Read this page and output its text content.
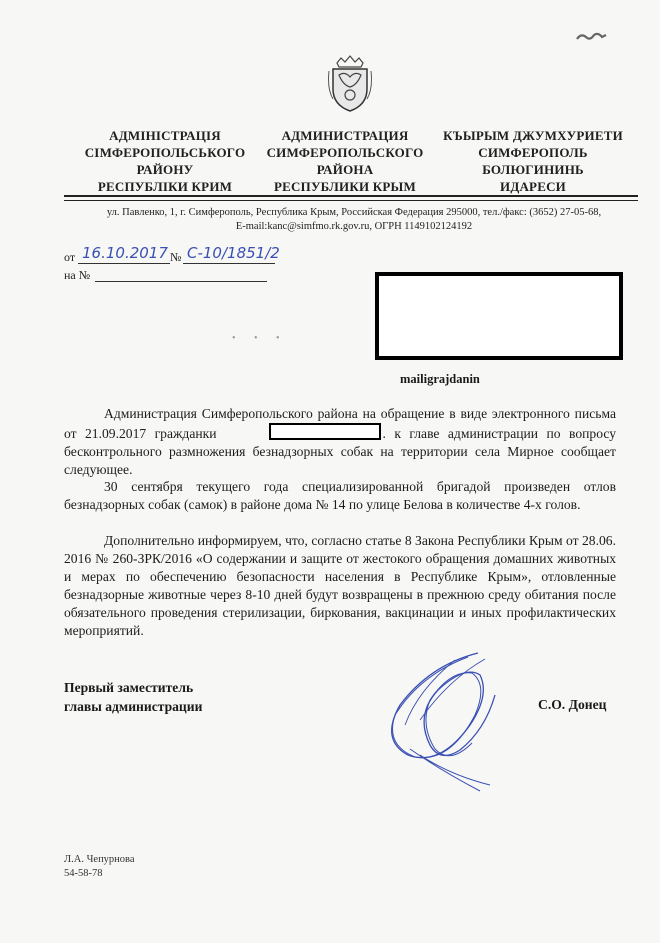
АДМІНІСТРАЦІЯ
СІМФЕРОПОЛЬСЬКОГО
РАЙОНУ
РЕСПУБЛІКИ КРИМ
АДМИНИСТРАЦИЯ
СИМФЕРОПОЛЬСКОГО
РАЙОНА
РЕСПУБЛИКИ КРЫМ
КЪЫРЫМ ДЖУМХУРИЕТИ
СИМФЕРОПОЛЬ
БОЛЮГИНИНЬ
ИДАРЕСИ
ул. Павленко, 1, г. Симферополь, Республика Крым, Российская Федерация 295000, тел./факс: (3652) 27-05-68,
E-mail:kanc@simfmo.rk.gov.ru, ОГРН 1149102124192
от 16.10.2017 № С-10/1851/2
на №
• • •
mailigrajdanin
Администрация Симферопольского района на обращение в виде электронного письма от 21.09.2017 гражданки	. к главе администрации по вопросу бесконтрольного размножения безнадзорных собак на территории села Мирное сообщает следующее.
30 сентября текущего года специализированной бригадой произведен отлов безнадзорных собак (самок) в районе дома № 14 по улице Белова в количестве 4-х голов.
Дополнительно информируем, что, согласно статье 8 Закона Республики Крым от 28.06. 2016 № 260-ЗРК/2016 «О содержании и защите от жестокого обращения домашних животных и мерах по обеспечению безопасности населения в Республике Крым», отловленные безнадзорные животные через 8-10 дней будут возвращены в прежнюю среду обитания после обязательного проведения стерилизации, биркования, вакцинации и иных профилактических мероприятий.
Первый заместитель
главы администрации	С.О. Донец
Л.А. Чепурнова
54-58-78
